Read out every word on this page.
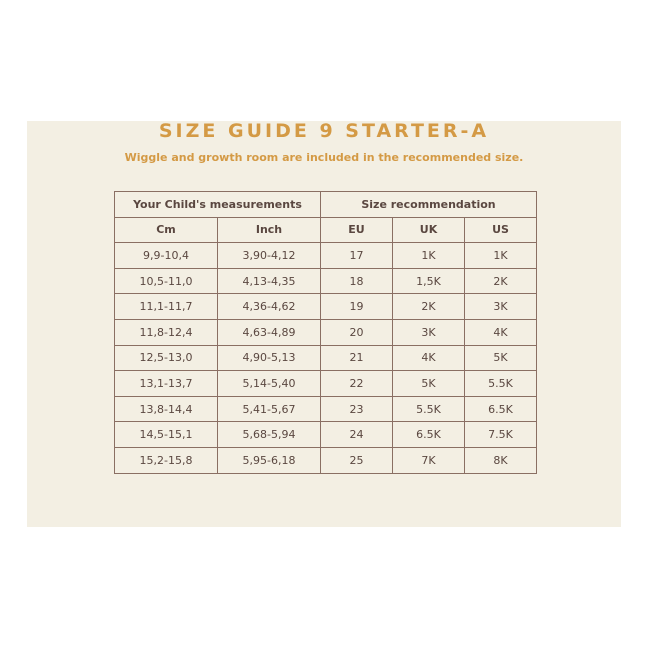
SIZE GUIDE 9 STARTER-A
Wiggle and growth room are included in the recommended size.
Your Child's measurements		Size recommendation		
Cm	Inch	EU	UK	US
9,9-10,4	3,90-4,12	17	1K	1K
10,5-11,0	4,13-4,35	18	1,5K	2K
11,1-11,7	4,36-4,62	19	2K	3K
11,8-12,4	4,63-4,89	20	3K	4K
12,5-13,0	4,90-5,13	21	4K	5K
13,1-13,7	5,14-5,40	22	5K	5.5K
13,8-14,4	5,41-5,67	23	5.5K	6.5K
14,5-15,1	5,68-5,94	24	6.5K	7.5K
15,2-15,8	5,95-6,18	25	7K	8K
